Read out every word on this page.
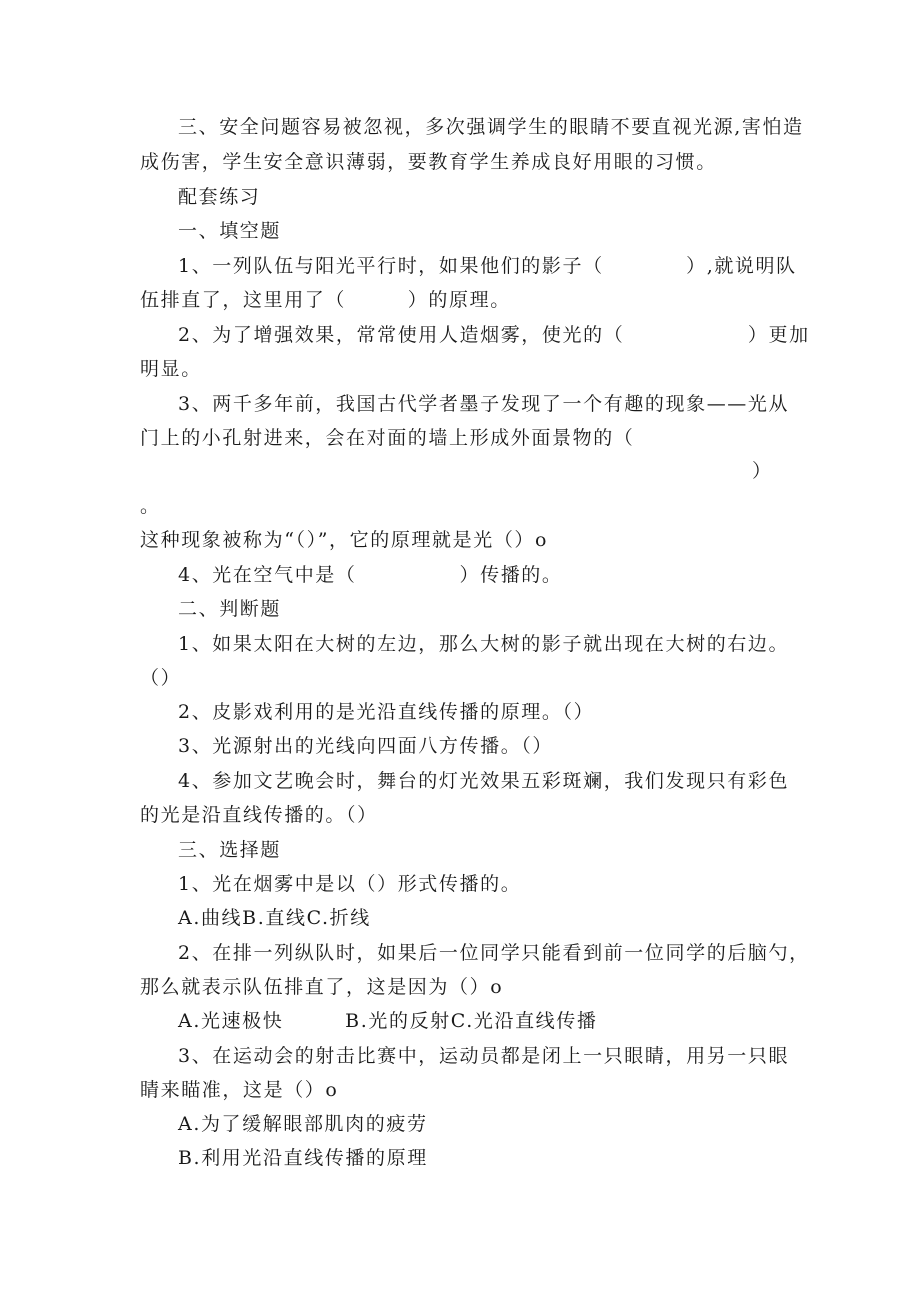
三、安全问题容易被忽视，多次强调学生的眼睛不要直视光源,害怕造
成伤害，学生安全意识薄弱，要教育学生养成良好用眼的习惯。
配套练习
一、填空题
1、一列队伍与阳光平行时，如果他们的影子（　　　　）,就说明队
伍排直了，这里用了（　　　）的原理。
2、为了增强效果，常常使用人造烟雾，使光的（　　　　　　）更加
明显。
3、两千多年前，我国古代学者墨子发现了一个有趣的现象——光从
门上的小孔射进来，会在对面的墙上形成外面景物的（
）
。
这种现象被称为“（）”，它的原理就是光（）o
4、光在空气中是（　　　　　）传播的。
二、判断题
1、如果太阳在大树的左边，那么大树的影子就出现在大树的右边。
（）
2、皮影戏利用的是光沿直线传播的原理。（）
3、光源射出的光线向四面八方传播。（）
4、参加文艺晚会时，舞台的灯光效果五彩斑斓，我们发现只有彩色
的光是沿直线传播的。（）
三、选择题
1、光在烟雾中是以（）形式传播的。
A.曲线B.直线C.折线
2、在排一列纵队时，如果后一位同学只能看到前一位同学的后脑勺，
那么就表示队伍排直了，这是因为（）o
A.光速极快　　　B.光的反射C.光沿直线传播
3、在运动会的射击比赛中，运动员都是闭上一只眼睛，用另一只眼
睛来瞄准，这是（）o
A.为了缓解眼部肌肉的疲劳
B.利用光沿直线传播的原理
